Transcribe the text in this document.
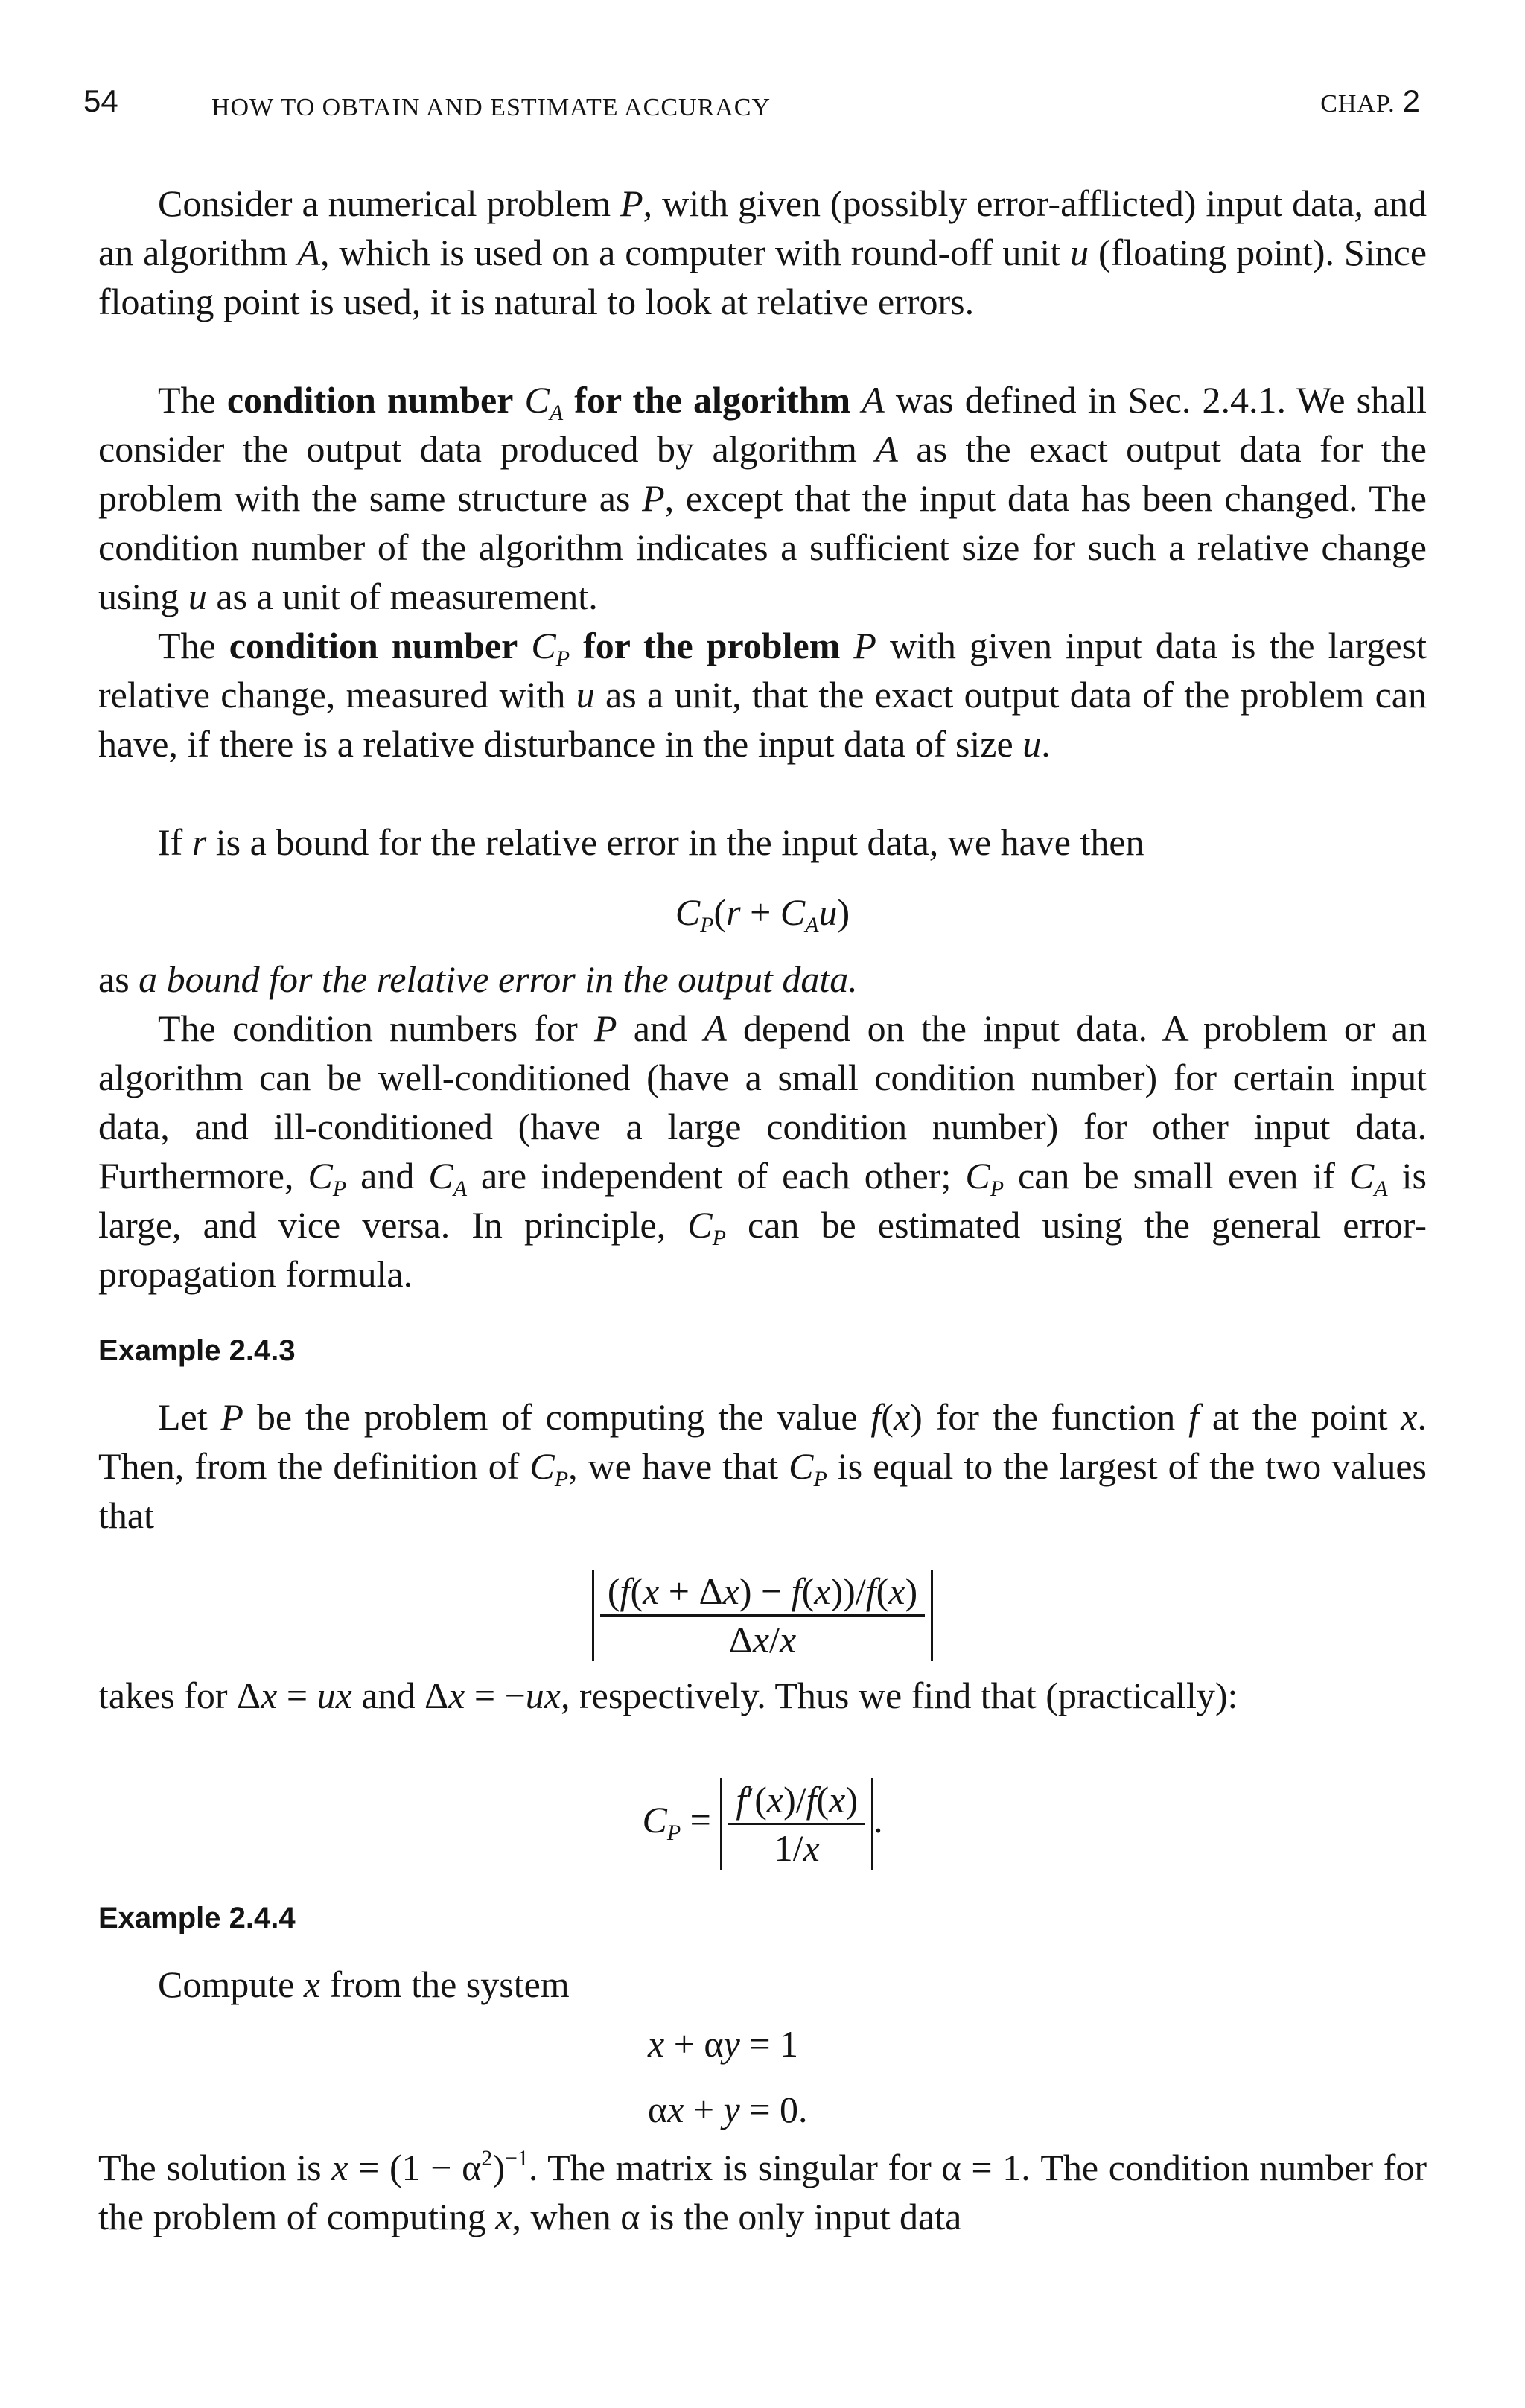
54	HOW TO OBTAIN AND ESTIMATE ACCURACY	CHAP. 2
Consider a numerical problem P, with given (possibly error-afflicted) input data, and an algorithm A, which is used on a computer with round-off unit u (floating point). Since floating point is used, it is natural to look at relative errors.
The condition number $C_A$ for the algorithm A was defined in Sec. 2.4.1. We shall consider the output data produced by algorithm A as the exact output data for the problem with the same structure as P, except that the input data has been changed. The condition number of the algorithm indicates a sufficient size for such a relative change using u as a unit of measurement.
The condition number $C_P$ for the problem P with given input data is the largest relative change, measured with u as a unit, that the exact output data of the problem can have, if there is a relative disturbance in the input data of size u.
If r is a bound for the relative error in the input data, we have then
$C_P(r + C_Au)$
as a bound for the relative error in the output data.
The condition numbers for P and A depend on the input data. A problem or an algorithm can be well-conditioned (have a small condition number) for certain input data, and ill-conditioned (have a large condition number) for other input data. Furthermore, $C_P$ and $C_A$ are independent of each other; $C_P$ can be small even if $C_A$ is large, and vice versa. In principle, $C_P$ can be estimated using the general error-propagation formula.
Example 2.4.3
Let P be the problem of computing the value f(x) for the function f at the point x. Then, from the definition of $C_P$, we have that $C_P$ is equal to the largest of the two values that
$\frac{(f(x + \Delta x) - f(x))/f(x)}{\Delta x/x}$
takes for Δx = ux and Δx = −ux, respectively. Thus we find that (practically):
$C_P = \frac{f'(x)/f(x)}{1/x}$ .
Example 2.4.4
Compute x from the system
x + αy = 1
αx + y = 0.
The solution is $x = (1 - \alpha^2)^{-1}$. The matrix is singular for α = 1. The condition number for the problem of computing x, when α is the only input data
